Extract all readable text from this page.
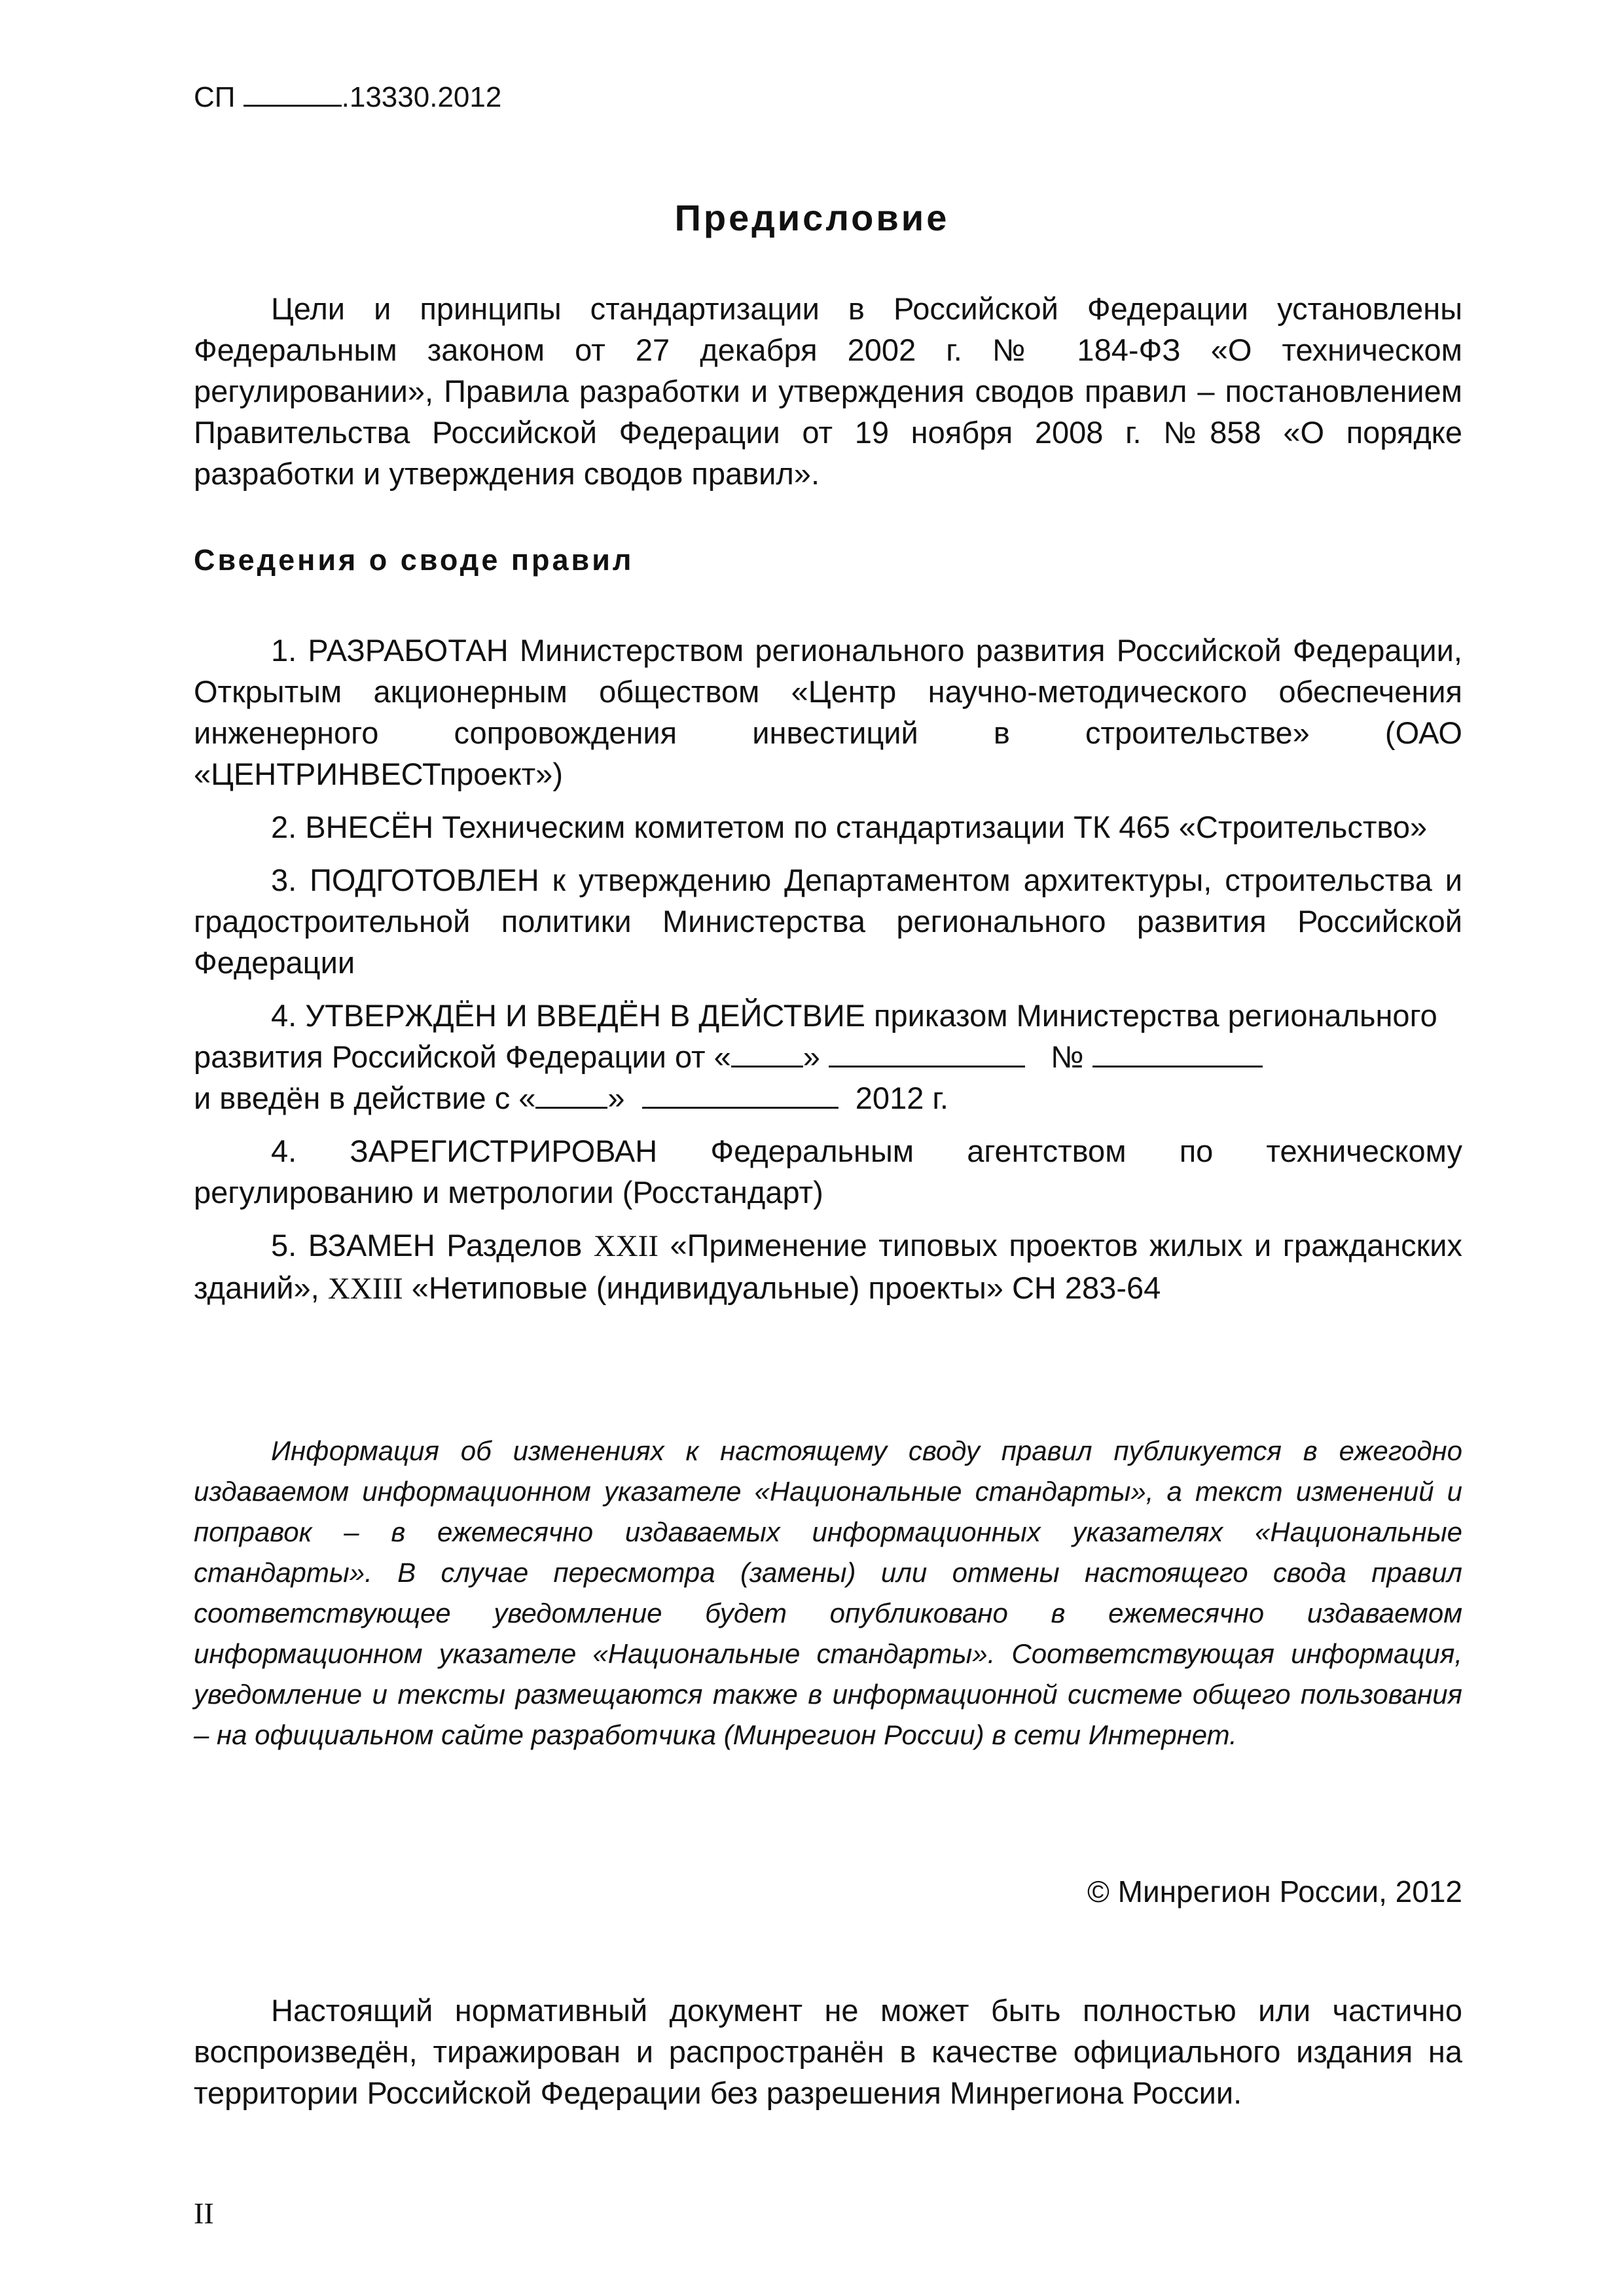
СП	.13330.2012
Предисловие
Цели и принципы стандартизации в Российской Федерации установлены Федеральным законом от 27 декабря 2002 г. № 184-ФЗ «О техническом регулировании», Правила разработки и утверждения сводов правил – постановлением Правительства Российской Федерации от 19 ноября 2008 г. №858 «О порядке разработки и утверждения сводов правил».
Сведения о своде правил

1. РАЗРАБОТАН Министерством регионального развития Российской Федерации, Открытым акционерным обществом «Центр научно-методического обеспечения инженерного сопровождения инвестиций в строительстве» (ОАО «ЦЕНТРИНВЕСТпроект»)

2. ВНЕСЁН Техническим комитетом по стандартизации ТК 465 «Строительство»

3. ПОДГОТОВЛЕН к утверждению Департаментом архитектуры, строительства и градостроительной политики Министерства регионального развития Российской Федерации

4. УТВЕРЖДЁН И ВВЕДЁН В ДЕЙСТВИЕ приказом Министерства регионального развития Российской Федерации от « »	№
и введён в действие с « »	2012 г.

4. ЗАРЕГИСТРИРОВАН Федеральным агентством по техническому регулированию и метрологии (Росстандарт)

5. ВЗАМЕН Разделов XXII «Применение типовых проектов жилых и гражданских зданий», XXIII «Нетиповые (индивидуальные) проекты» СН 283-64

Информация об изменениях к настоящему своду правил публикуется в ежегодно издаваемом информационном указателе «Национальные стандарты», а текст изменений и поправок – в ежемесячно издаваемых информационных указателях «Национальные стандарты». В случае пересмотра (замены) или отмены настоящего свода правил соответствующее уведомление будет опубликовано в ежемесячно издаваемом информационном указателе «Национальные стандарты». Соответствующая информация, уведомление и тексты размещаются также в информационной системе общего пользования – на официальном сайте разработчика (Минрегион России) в сети Интернет.

© Минрегион России, 2012
Настоящий нормативный документ не может быть полностью или частично воспроизведён, тиражирован и распространён в качестве официального издания на территории Российской Федерации без разрешения Минрегиона России.
II
